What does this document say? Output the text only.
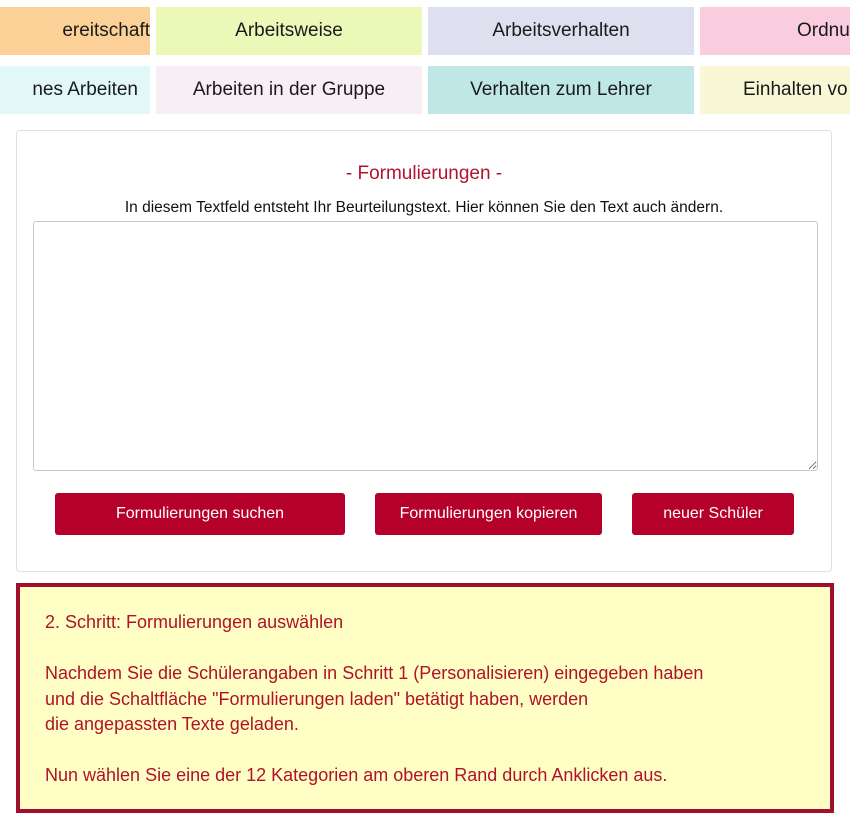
ereitschaft	Arbeitsweise	Arbeitsverhalten	Ordnu
nes Arbeiten	Arbeiten in der Gruppe	Verhalten zum Lehrer	Einhalten vo
- Formulierungen -
In diesem Textfeld entsteht Ihr Beurteilungstext. Hier können Sie den Text auch ändern.
Formulierungen suchen	Formulierungen kopieren	neuer Schüler

2. Schritt: Formulierungen auswählen

Nachdem Sie die Schülerangaben in Schritt 1 (Personalisieren) eingegeben haben

und die Schaltfläche "Formulierungen laden" betätigt haben, werden

die angepassten Texte geladen.

Nun wählen Sie eine der 12 Kategorien am oberen Rand durch Anklicken aus.
